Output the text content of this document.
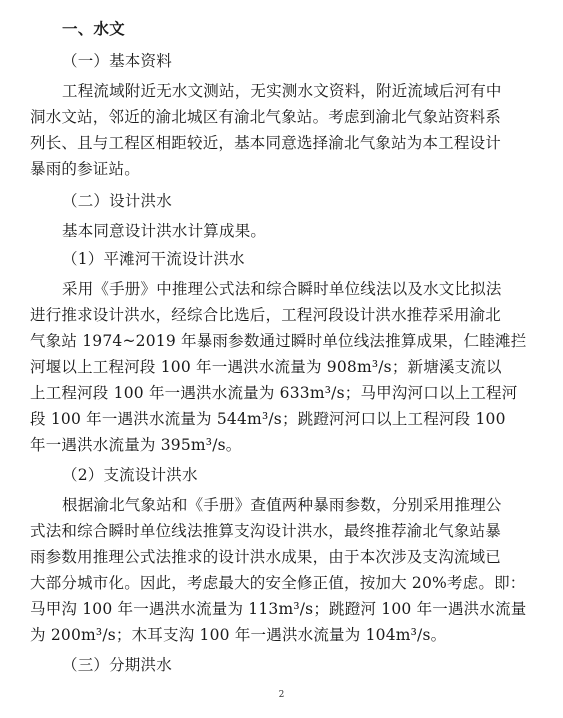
一、水文
（一）基本资料
工程流域附近无水文测站，无实测水文资料，附近流域后河有中
洞水文站，邻近的渝北城区有渝北气象站。考虑到渝北气象站资料系
列长、且与工程区相距较近，基本同意选择渝北气象站为本工程设计
暴雨的参证站。
（二）设计洪水
基本同意设计洪水计算成果。
（1）平滩河干流设计洪水
采用《手册》中推理公式法和综合瞬时单位线法以及水文比拟法
进行推求设计洪水，经综合比选后，工程河段设计洪水推荐采用渝北
气象站 1974~2019 年暴雨参数通过瞬时单位线法推算成果，仁睦滩拦
河堰以上工程河段 100 年一遇洪水流量为 908m³/s；新塘溪支流以
上工程河段 100 年一遇洪水流量为 633m³/s；马甲沟河口以上工程河
段 100 年一遇洪水流量为 544m³/s；跳蹬河河口以上工程河段 100
年一遇洪水流量为 395m³/s。
（2）支流设计洪水
根据渝北气象站和《手册》查值两种暴雨参数，分别采用推理公
式法和综合瞬时单位线法推算支沟设计洪水，最终推荐渝北气象站暴
雨参数用推理公式法推求的设计洪水成果，由于本次涉及支沟流域已
大部分城市化。因此，考虑最大的安全修正值，按加大 20%考虑。即：
马甲沟 100 年一遇洪水流量为 113m³/s；跳蹬河 100 年一遇洪水流量
为 200m³/s；木耳支沟 100 年一遇洪水流量为 104m³/s。
（三）分期洪水
2
